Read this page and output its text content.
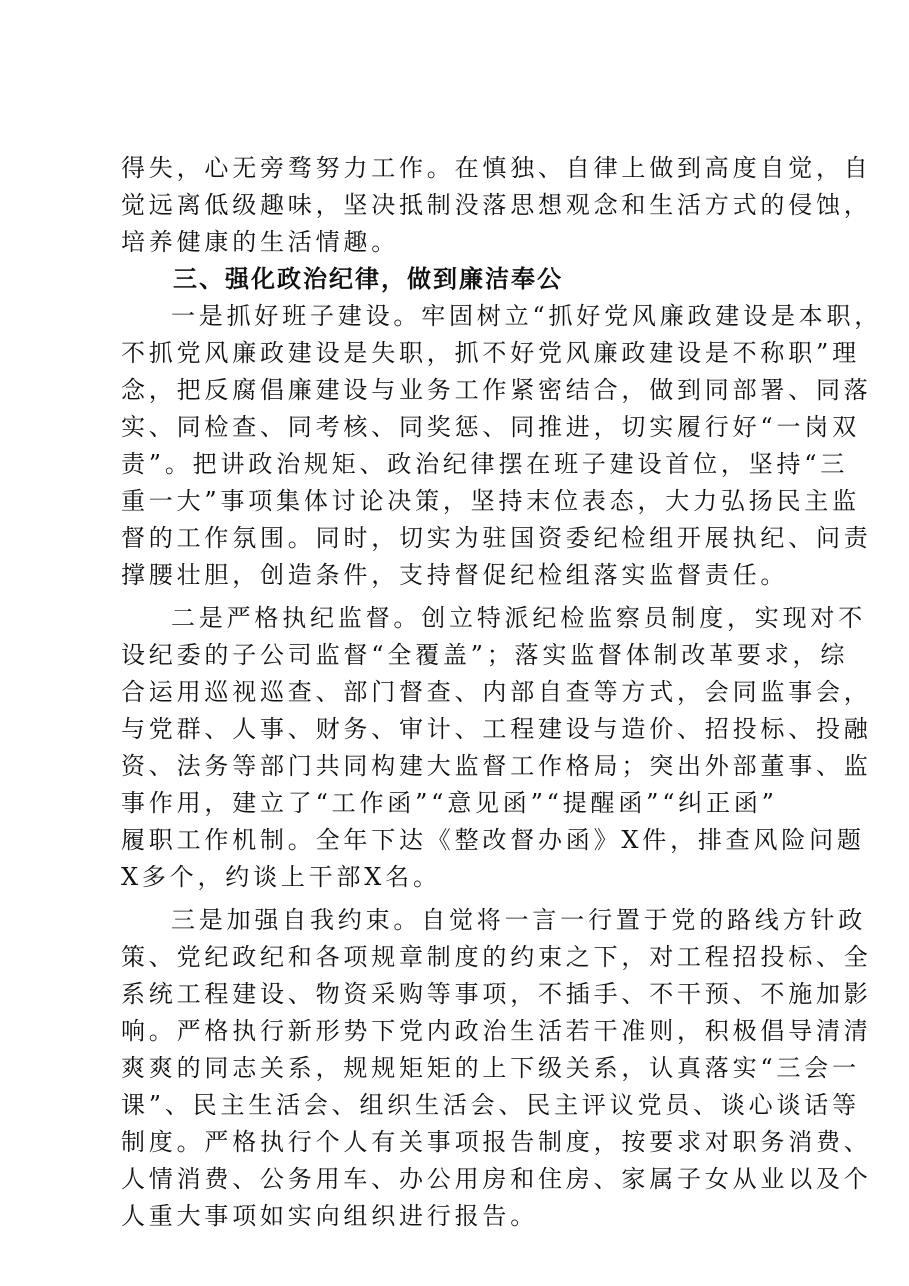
得失，心无旁骛努力工作。在慎独、自律上做到高度自觉，自
觉远离低级趣味，坚决抵制没落思想观念和生活方式的侵蚀，
培养健康的生活情趣。
三、强化政治纪律，做到廉洁奉公
一是抓好班子建设。牢固树立“抓好党风廉政建设是本职，
不抓党风廉政建设是失职，抓不好党风廉政建设是不称职”理
念，把反腐倡廉建设与业务工作紧密结合，做到同部署、同落
实、同检查、同考核、同奖惩、同推进，切实履行好“一岗双
责”。把讲政治规矩、政治纪律摆在班子建设首位，坚持“三
重一大”事项集体讨论决策，坚持末位表态，大力弘扬民主监
督的工作氛围。同时，切实为驻国资委纪检组开展执纪、问责
撑腰壮胆，创造条件，支持督促纪检组落实监督责任。
二是严格执纪监督。创立特派纪检监察员制度，实现对不
设纪委的子公司监督“全覆盖”；落实监督体制改革要求，综
合运用巡视巡查、部门督查、内部自查等方式，会同监事会，
与党群、人事、财务、审计、工程建设与造价、招投标、投融
资、法务等部门共同构建大监督工作格局；突出外部董事、监
事作用，建立了“工作函”“意见函”“提醒函”“纠正函”
履职工作机制。全年下达《整改督办函》X件，排查风险问题
X多个，约谈上干部X名。
三是加强自我约束。自觉将一言一行置于党的路线方针政
策、党纪政纪和各项规章制度的约束之下，对工程招投标、全
系统工程建设、物资采购等事项，不插手、不干预、不施加影
响。严格执行新形势下党内政治生活若干准则，积极倡导清清
爽爽的同志关系，规规矩矩的上下级关系，认真落实“三会一
课”、民主生活会、组织生活会、民主评议党员、谈心谈话等
制度。严格执行个人有关事项报告制度，按要求对职务消费、
人情消费、公务用车、办公用房和住房、家属子女从业以及个
人重大事项如实向组织进行报告。
